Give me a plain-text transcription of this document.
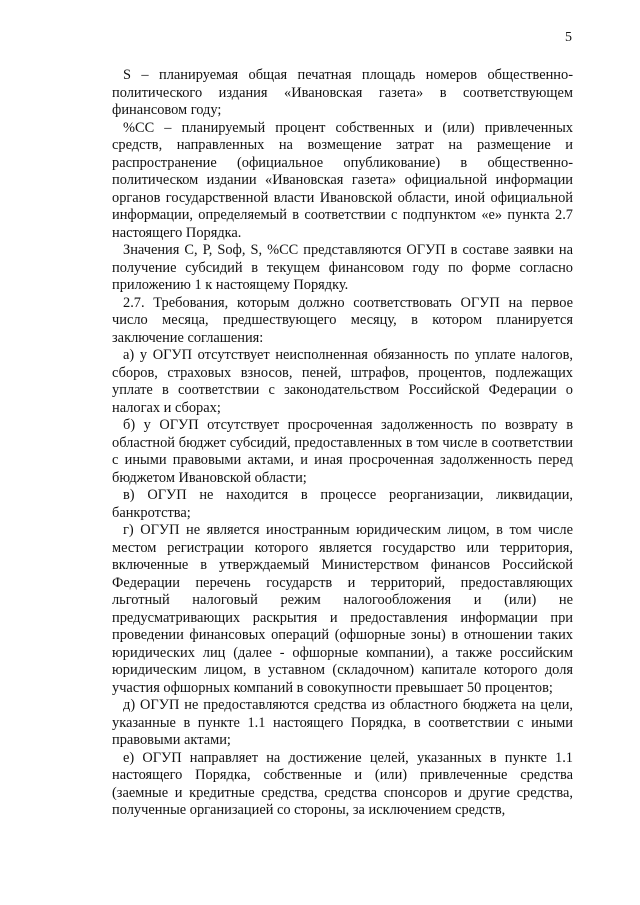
5

S – планируемая общая печатная площадь номеров общественно-политического издания «Ивановская газета» в соответствующем финансовом году;

%CC – планируемый процент собственных и (или) привлеченных средств, направленных на возмещение затрат на размещение и распространение (официальное опубликование) в общественно-политическом издании «Ивановская газета» официальной информации органов государственной власти Ивановской области, иной официальной информации, определяемый в соответствии с подпунктом «е» пункта 2.7 настоящего Порядка.

Значения С, Р, Sоф, S, %CC представляются ОГУП в составе заявки на получение субсидий в текущем финансовом году по форме согласно приложению 1 к настоящему Порядку.

2.7. Требования, которым должно соответствовать ОГУП на первое число месяца, предшествующего месяцу, в котором планируется заключение соглашения:

а) у ОГУП отсутствует неисполненная обязанность по уплате налогов, сборов, страховых взносов, пеней, штрафов, процентов, подлежащих уплате в соответствии с законодательством Российской Федерации о налогах и сборах;

б) у ОГУП отсутствует просроченная задолженность по возврату в областной бюджет субсидий, предоставленных в том числе в соответствии с иными правовыми актами, и иная просроченная задолженность перед бюджетом Ивановской области;

в) ОГУП не находится в процессе реорганизации, ликвидации, банкротства;

г) ОГУП не является иностранным юридическим лицом, в том числе местом регистрации которого является государство или территория, включенные в утверждаемый Министерством финансов Российской Федерации перечень государств и территорий, предоставляющих льготный налоговый режим налогообложения и (или) не предусматривающих раскрытия и предоставления информации при проведении финансовых операций (офшорные зоны) в отношении таких юридических лиц (далее - офшорные компании), а также российским юридическим лицом, в уставном (складочном) капитале которого доля участия офшорных компаний в совокупности превышает 50 процентов;

д) ОГУП не предоставляются средства из областного бюджета на цели, указанные в пункте 1.1 настоящего Порядка, в соответствии с иными правовыми актами;

е) ОГУП направляет на достижение целей, указанных в пункте 1.1 настоящего Порядка, собственные и (или) привлеченные средства (заемные и кредитные средства, средства спонсоров и другие средства, полученные организацией со стороны, за исключением средств,
